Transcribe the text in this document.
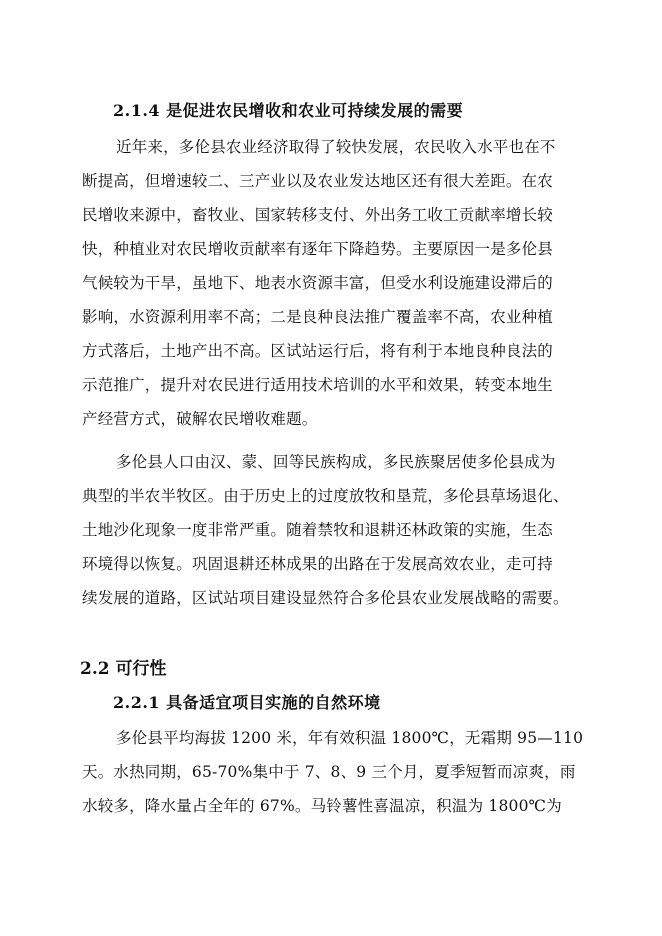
2.1.4 是促进农民增收和农业可持续发展的需要
近年来，多伦县农业经济取得了较快发展，农民收入水平也在不
断提高，但增速较二、三产业以及农业发达地区还有很大差距。在农
民增收来源中，畜牧业、国家转移支付、外出务工收工贡献率增长较
快，种植业对农民增收贡献率有逐年下降趋势。主要原因一是多伦县
气候较为干旱，虽地下、地表水资源丰富，但受水利设施建设滞后的
影响，水资源利用率不高；二是良种良法推广覆盖率不高，农业种植
方式落后，土地产出不高。区试站运行后，将有利于本地良种良法的
示范推广，提升对农民进行适用技术培训的水平和效果，转变本地生
产经营方式，破解农民增收难题。
多伦县人口由汉、蒙、回等民族构成，多民族聚居使多伦县成为
典型的半农半牧区。由于历史上的过度放牧和垦荒，多伦县草场退化、
土地沙化现象一度非常严重。随着禁牧和退耕还林政策的实施，生态
环境得以恢复。巩固退耕还林成果的出路在于发展高效农业，走可持
续发展的道路，区试站项目建设显然符合多伦县农业发展战略的需要。
2.2 可行性
2.2.1 具备适宜项目实施的自然环境
多伦县平均海拔 1200 米，年有效积温 1800℃，无霜期 95—110
天。水热同期，65-70%集中于 7、8、9 三个月，夏季短暂而凉爽，雨
水较多，降水量占全年的 67%。马铃薯性喜温凉，积温为 1800℃为
